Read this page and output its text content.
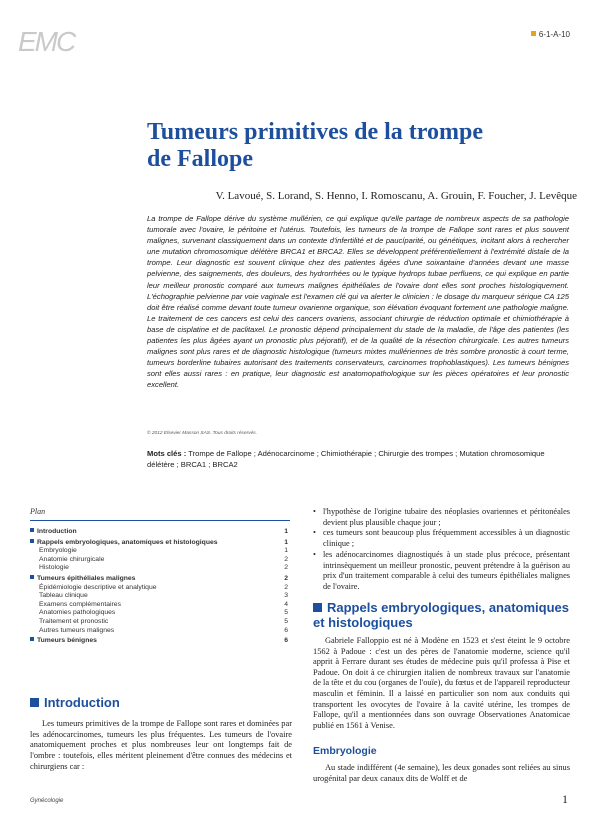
EMC	6-1-A-10
Tumeurs primitives de la trompe
de Fallope
V. Lavoué, S. Lorand, S. Henno, I. Romoscanu, A. Grouin, F. Foucher, J. Levêque

La trompe de Fallope dérive du système mullérien, ce qui explique qu'elle partage de nombreux aspects de sa pathologie tumorale avec l'ovaire, le péritoine et l'utérus. Toutefois, les tumeurs de la trompe de Fallope sont rares et plus souvent malignes, survenant classiquement dans un contexte d'infertilité et de paucíparité, ou génétiques, incitant alors à rechercher une mutation chromosomique délétère BRCA1 et BRCA2. Elles se développent préférentiellement à l'extrémité distale de la trompe. Leur diagnostic est souvent clinique chez des patientes âgées d'une soixantaine d'années devant une masse pelvienne, des saignements, des douleurs, des hydrorrhées ou le typique hydrops tubae perfluens, ce qui explique en partie leur meilleur pronostic comparé aux tumeurs malignes épithéliales de l'ovaire dont elles sont proches histologiquement. L'échographie pelvienne par voie vaginale est l'examen clé qui va alerter le clinicien : le dosage du marqueur sérique CA 125 doit être réalisé comme devant toute tumeur ovarienne organique, son élévation évoquant fortement une pathologie maligne. Le traitement de ces cancers est celui des cancers ovariens, associant chirurgie de réduction optimale et chimiothérapie à base de cisplatine et de paclitaxel. Le pronostic dépend principalement du stade de la maladie, de l'âge des patientes (les patientes les plus âgées ayant un pronostic plus péjoratif), et de la qualité de la résection chirurgicale. Les autres tumeurs malignes sont plus rares et de diagnostic histologique (tumeurs mixtes mullériennes de très sombre pronostic à court terme, tumeurs borderline tubaires autorisant des traitements conservateurs, carcinomes trophoblastiques). Les tumeurs bénignes sont elles aussi rares : en pratique, leur diagnostic est anatomopathologique sur les pièces opératoires et leur pronostic excellent.

© 2012 Elsevier Masson SAS. Tous droits réservés.
Mots clés : Trompe de Fallope ; Adénocarcinome ; Chimiothérapie ; Chirurgie des trompes ; Mutation chromosomique délétère ; BRCA1 ; BRCA2
Plan
Introduction	1
Rappels embryologiques, anatomiques et histologiques	1
Embryologie	1
Anatomie chirurgicale	2
Histologie	2
Tumeurs épithéliales malignes	2
Épidémiologie descriptive et analytique	2
Tableau clinique	3
Examens complémentaires	4
Anatomies pathologiques	5
Traitement et pronostic	5
Autres tumeurs malignes	6
Tumeurs bénignes	6
Introduction

Les tumeurs primitives de la trompe de Fallope sont rares et dominées par les adénocarcinomes, tumeurs les plus fréquentes. Les tumeurs de l'ovaire anatomiquement proches et plus nombreuses leur ont longtemps fait de l'ombre : toutefois, elles méritent pleinement d'être connues des médecins et chirurgiens car :

• l'hypothèse de l'origine tubaire des néoplasies ovariennes et péritonéales devient plus plausible chaque jour ;
• ces tumeurs sont beaucoup plus fréquemment accessibles à un diagnostic clinique ;
• les adénocarcinomes diagnostiqués à un stade plus précoce, présentant intrinsèquement un meilleur pronostic, peuvent prétendre à la guérison au prix d'un traitement comparable à celui des tumeurs épithéliales malignes de l'ovaire.
Rappels embryologiques, anatomiques et histologiques

Gabriele Falloppio est né à Modène en 1523 et s'est éteint le 9 octobre 1562 à Padoue : c'est un des pères de l'anatomie moderne, science qu'il apprit à Ferrare durant ses études de médecine puis qu'il professa à Pise et Padoue. On doit à ce chirurgien italien de nombreux travaux sur l'anatomie de la tête et du cou (organes de l'ouïe), du fœtus et de l'appareil reproducteur masculin et féminin. Il a laissé en particulier son nom aux conduits qui transportent les ovocytes de l'ovaire à la cavité utérine, les trompes de Fallope, qu'il a mentionnées dans son ouvrage Observationes Anatomicae publié en 1561 à Venise.

Embryologie

Au stade indifférent (4e semaine), les deux gonades sont reliées au sinus urogénital par deux canaux dits de Wolff et de

Gynécologie	1
